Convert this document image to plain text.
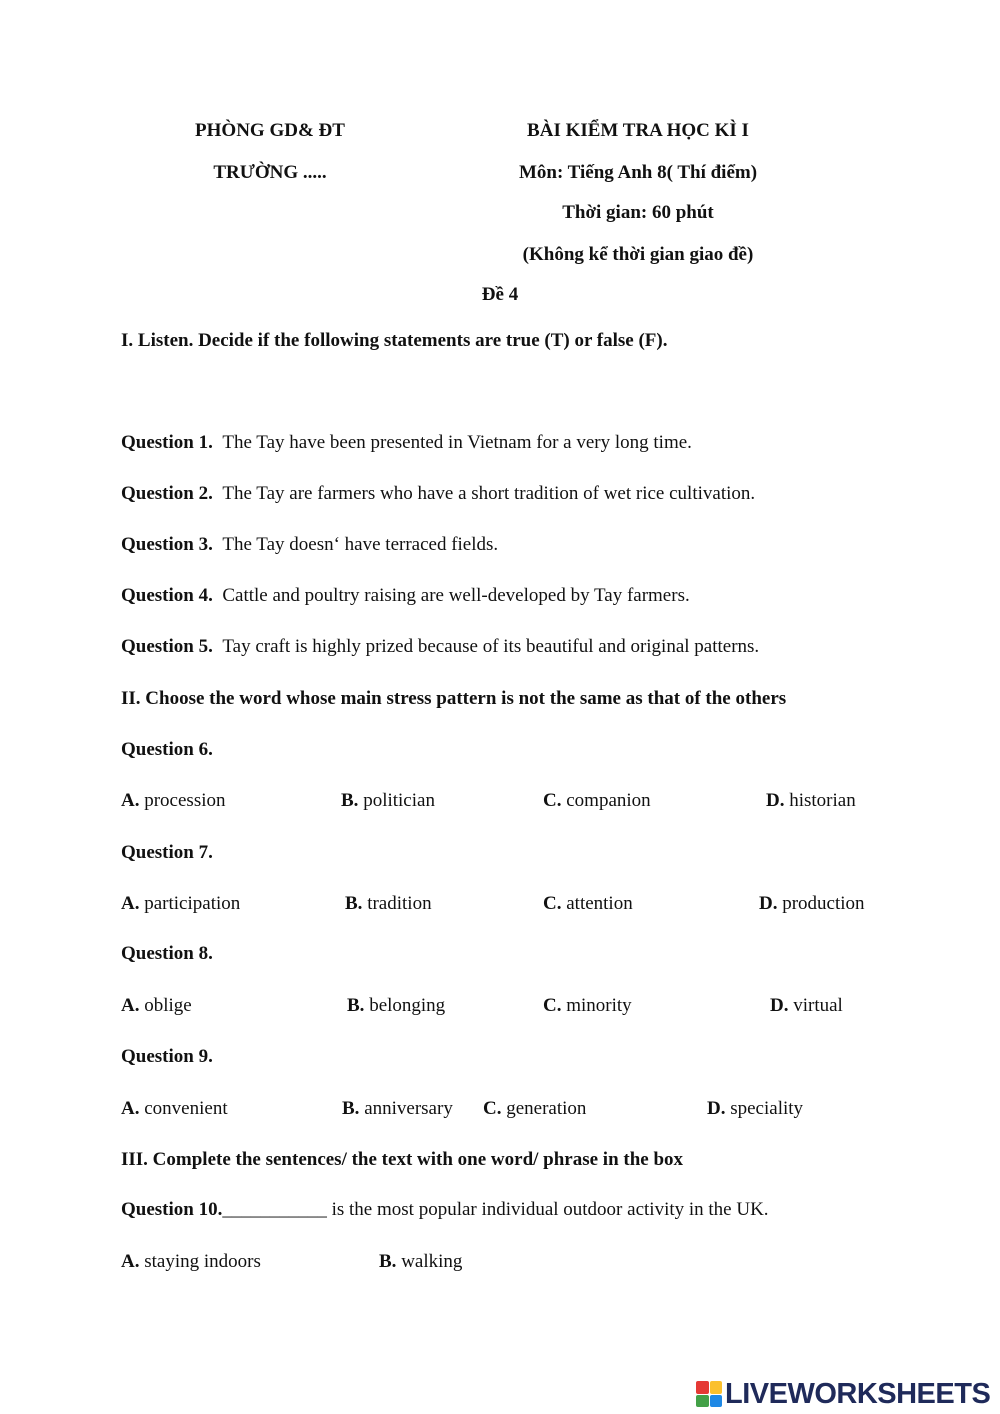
PHÒNG GD& ĐT
TRƯỜNG .....
BÀI KIỂM TRA HỌC KÌ I
Môn: Tiếng Anh 8( Thí điểm)
Thời gian: 60 phút
(Không kể thời gian giao đề)
Đề 4
I. Listen. Decide if the following statements are true (T) or false (F).
Question 1. The Tay have been presented in Vietnam for a very long time.
Question 2. The Tay are farmers who have a short tradition of wet rice cultivation.
Question 3. The Tay doesn‘ have terraced fields.
Question 4. Cattle and poultry raising are well-developed by Tay farmers.
Question 5. Tay craft is highly prized because of its beautiful and original patterns.
II. Choose the word whose main stress pattern is not the same as that of the others
Question 6.
A. procession	B. politician	C. companion	D. historian
Question 7.
A. participation	B. tradition	C. attention	D. production
Question 8.
A. oblige	B. belonging	C. minority	D. virtual
Question 9.
A. convenient	B. anniversary C. generation	D. speciality
III. Complete the sentences/ the text with one word/ phrase in the box
Question 10.___________ is the most popular individual outdoor activity in the UK.
A. staying indoors	B. walking
LIVEWORKSHEETS
